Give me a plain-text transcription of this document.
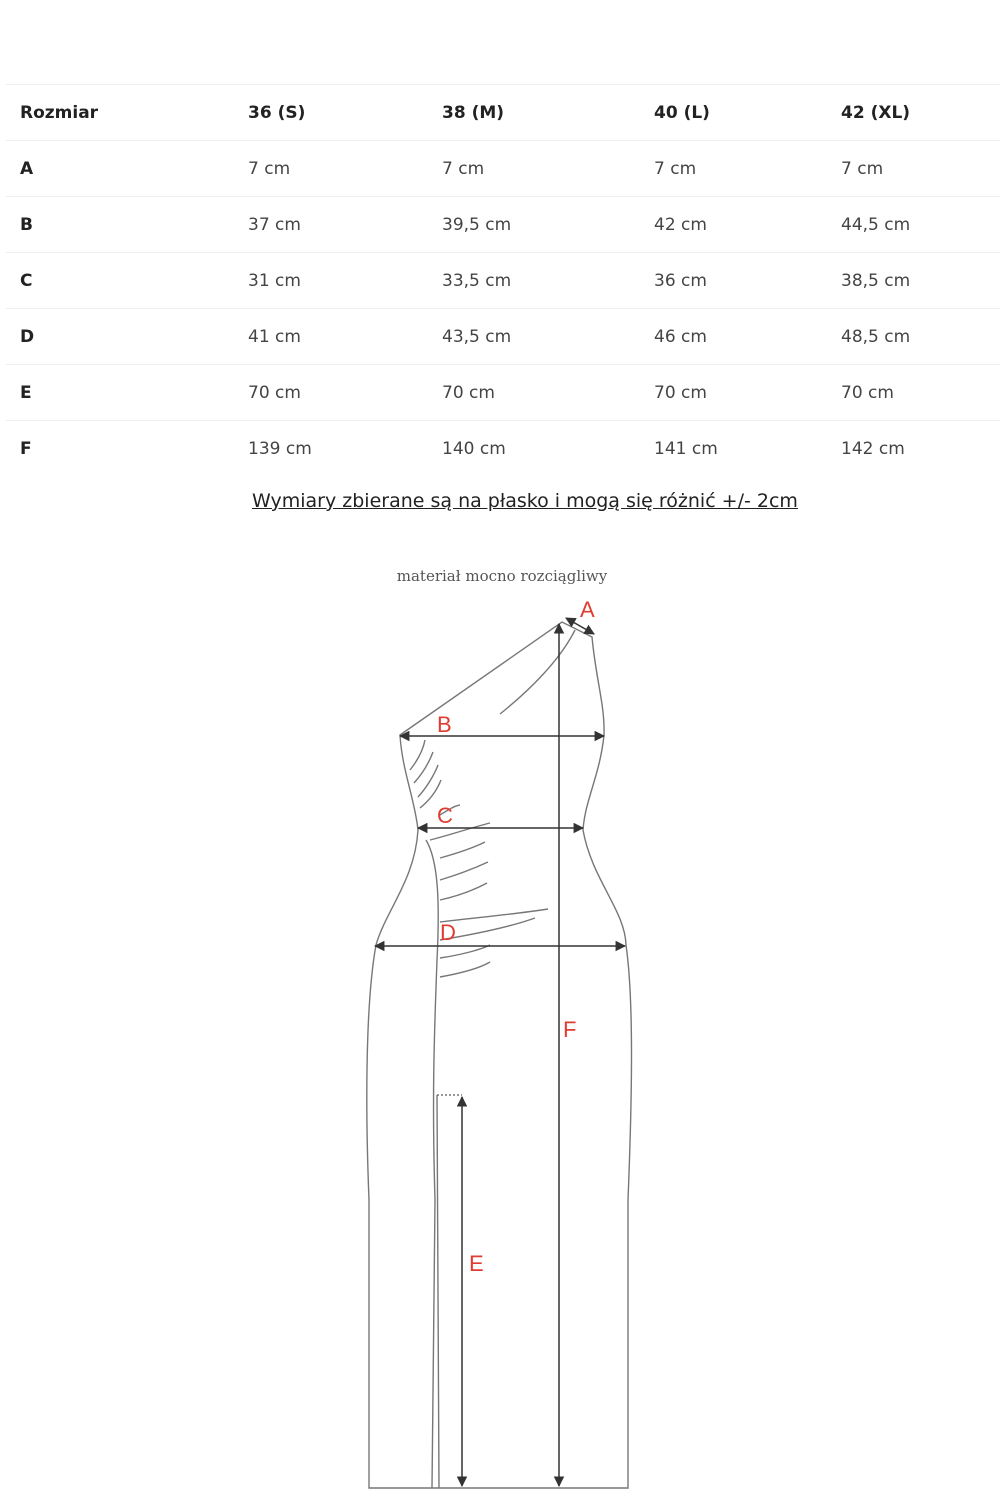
Rozmiar	36 (S)	38 (M)	40 (L)	42 (XL)
A	7 cm	7 cm	7 cm	7 cm
B	37 cm	39,5 cm	42 cm	44,5 cm
C	31 cm	33,5 cm	36 cm	38,5 cm
D	41 cm	43,5 cm	46 cm	48,5 cm
E	70 cm	70 cm	70 cm	70 cm
F	139 cm	140 cm	141 cm	142 cm
Wymiary zbierane są na płasko i mogą się różnić +/- 2cm
materiał mocno rozciągliwy
A
B
C
D
E
F
